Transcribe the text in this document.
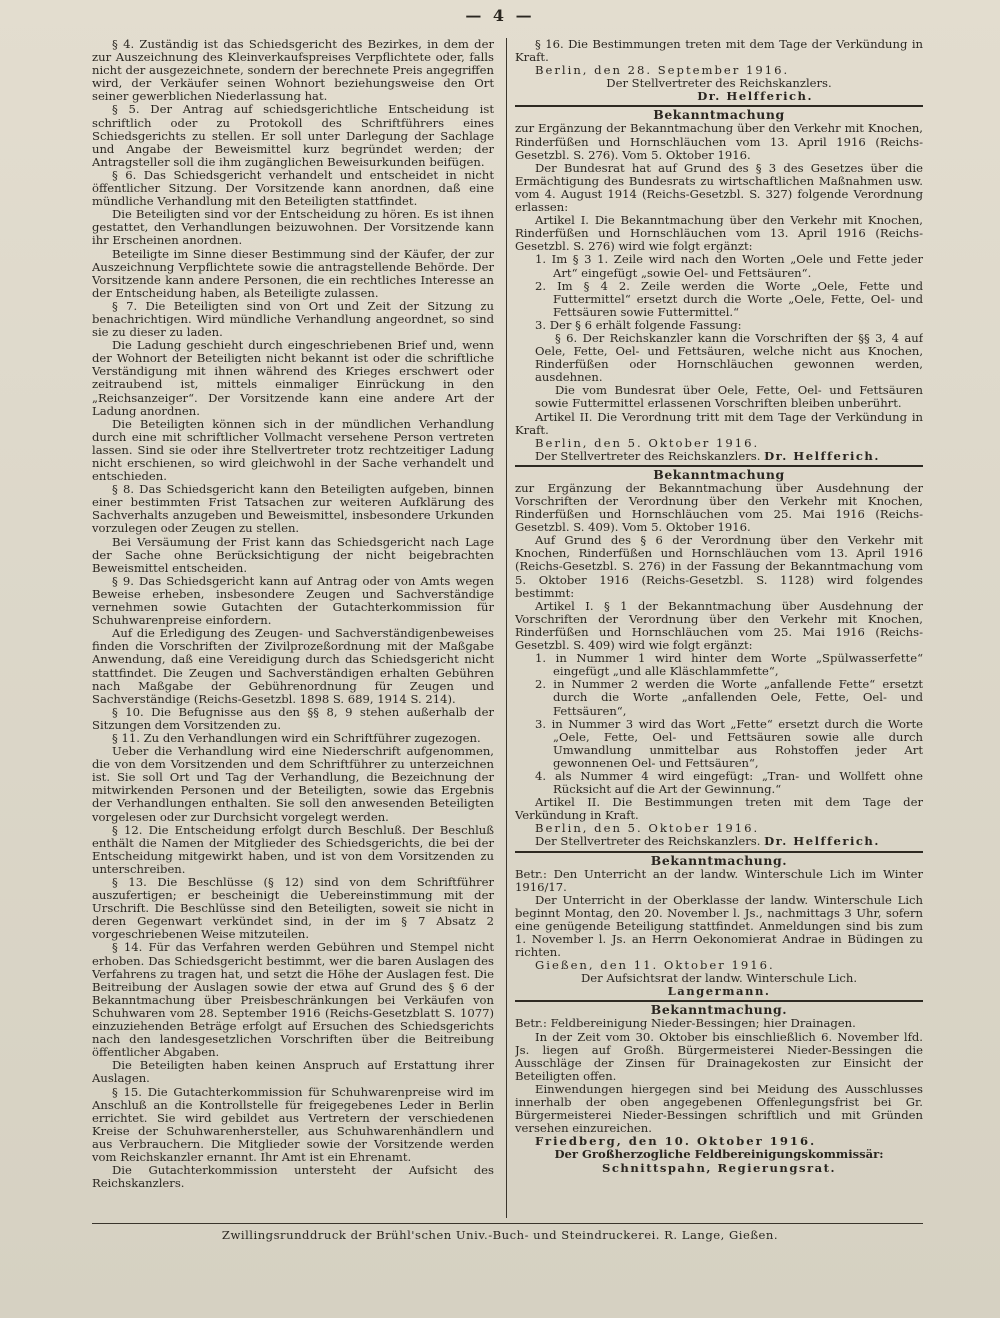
— 4 —

§ 4. Zuständig ist das Schiedsgericht des Bezirkes, in dem der zur Auszeichnung des Kleinverkaufspreises Verpflichtete oder, falls nicht der ausgezeichnete, sondern der berechnete Preis angegriffen wird, der Verkäufer seinen Wohnort beziehungsweise den Ort seiner gewerblichen Niederlassung hat.

§ 5. Der Antrag auf schiedsgerichtliche Entscheidung ist schriftlich oder zu Protokoll des Schriftführers eines Schiedsgerichts zu stellen. Er soll unter Darlegung der Sachlage und Angabe der Beweismittel kurz begründet werden; der Antragsteller soll die ihm zugänglichen Beweisurkunden beifügen.

§ 6. Das Schiedsgericht verhandelt und entscheidet in nicht öffentlicher Sitzung. Der Vorsitzende kann anordnen, daß eine mündliche Verhandlung mit den Beteiligten stattfindet.

Die Beteiligten sind vor der Entscheidung zu hören. Es ist ihnen gestattet, den Verhandlungen beizuwohnen. Der Vorsitzende kann ihr Erscheinen anordnen.

Beteiligte im Sinne dieser Bestimmung sind der Käufer, der zur Auszeichnung Verpflichtete sowie die antragstellende Behörde. Der Vorsitzende kann andere Personen, die ein rechtliches Interesse an der Entscheidung haben, als Beteiligte zulassen.

§ 7. Die Beteiligten sind von Ort und Zeit der Sitzung zu benachrichtigen. Wird mündliche Verhandlung angeordnet, so sind sie zu dieser zu laden.

Die Ladung geschieht durch eingeschriebenen Brief und, wenn der Wohnort der Beteiligten nicht bekannt ist oder die schriftliche Verständigung mit ihnen während des Krieges erschwert oder zeitraubend ist, mittels einmaliger Einrückung in den „Reichsanzeiger“. Der Vorsitzende kann eine andere Art der Ladung anordnen.

Die Beteiligten können sich in der mündlichen Verhandlung durch eine mit schriftlicher Vollmacht versehene Person vertreten lassen. Sind sie oder ihre Stellvertreter trotz rechtzeitiger Ladung nicht erschienen, so wird gleichwohl in der Sache verhandelt und entschieden.

§ 8. Das Schiedsgericht kann den Beteiligten aufgeben, binnen einer bestimmten Frist Tatsachen zur weiteren Aufklärung des Sachverhalts anzugeben und Beweismittel, insbesondere Urkunden vorzulegen oder Zeugen zu stellen.

Bei Versäumung der Frist kann das Schiedsgericht nach Lage der Sache ohne Berücksichtigung der nicht beigebrachten Beweismittel entscheiden.

§ 9. Das Schiedsgericht kann auf Antrag oder von Amts wegen Beweise erheben, insbesondere Zeugen und Sachverständige vernehmen sowie Gutachten der Gutachterkommission für Schuhwarenpreise einfordern.

Auf die Erledigung des Zeugen- und Sachverständigenbeweises finden die Vorschriften der Zivilprozeßordnung mit der Maßgabe Anwendung, daß eine Vereidigung durch das Schiedsgericht nicht stattfindet. Die Zeugen und Sachverständigen erhalten Gebühren nach Maßgabe der Gebührenordnung für Zeugen und Sachverständige (Reichs-Gesetzbl. 1898 S. 689, 1914 S. 214).

§ 10. Die Befugnisse aus den §§ 8, 9 stehen außerhalb der Sitzungen dem Vorsitzenden zu.

§ 11. Zu den Verhandlungen wird ein Schriftführer zugezogen.

Ueber die Verhandlung wird eine Niederschrift aufgenommen, die von dem Vorsitzenden und dem Schriftführer zu unterzeichnen ist. Sie soll Ort und Tag der Verhandlung, die Bezeichnung der mitwirkenden Personen und der Beteiligten, sowie das Ergebnis der Verhandlungen enthalten. Sie soll den anwesenden Beteiligten vorgelesen oder zur Durchsicht vorgelegt werden.

§ 12. Die Entscheidung erfolgt durch Beschluß. Der Beschluß enthält die Namen der Mitglieder des Schiedsgerichts, die bei der Entscheidung mitgewirkt haben, und ist von dem Vorsitzenden zu unterschreiben.

§ 13. Die Beschlüsse (§ 12) sind von dem Schriftführer auszufertigen; er bescheinigt die Uebereinstimmung mit der Urschrift. Die Beschlüsse sind den Beteiligten, soweit sie nicht in deren Gegenwart verkündet sind, in der im § 7 Absatz 2 vorgeschriebenen Weise mitzuteilen.

§ 14. Für das Verfahren werden Gebühren und Stempel nicht erhoben. Das Schiedsgericht bestimmt, wer die baren Auslagen des Verfahrens zu tragen hat, und setzt die Höhe der Auslagen fest. Die Beitreibung der Auslagen sowie der etwa auf Grund des § 6 der Bekanntmachung über Preisbeschränkungen bei Verkäufen von Schuhwaren vom 28. September 1916 (Reichs-Gesetzblatt S. 1077) einzuziehenden Beträge erfolgt auf Ersuchen des Schiedsgerichts nach den landesgesetzlichen Vorschriften über die Beitreibung öffentlicher Abgaben.

Die Beteiligten haben keinen Anspruch auf Erstattung ihrer Auslagen.

§ 15. Die Gutachterkommission für Schuhwarenpreise wird im Anschluß an die Kontrollstelle für freigegebenes Leder in Berlin errichtet. Sie wird gebildet aus Vertretern der verschiedenen Kreise der Schuhwarenhersteller, aus Schuhwarenhändlern und aus Verbrauchern. Die Mitglieder sowie der Vorsitzende werden vom Reichskanzler ernannt. Ihr Amt ist ein Ehrenamt.

Die Gutachterkommission untersteht der Aufsicht des Reichskanzlers.

§ 16. Die Bestimmungen treten mit dem Tage der Verkündung in Kraft.

Berlin, den 28. September 1916.

Der Stellvertreter des Reichskanzlers.

Dr. Helfferich.

Bekanntmachung

zur Ergänzung der Bekanntmachung über den Verkehr mit Knochen, Rinderfüßen und Hornschläuchen vom 13. April 1916 (Reichs-Gesetzbl. S. 276). Vom 5. Oktober 1916.

Der Bundesrat hat auf Grund des § 3 des Gesetzes über die Ermächtigung des Bundesrats zu wirtschaftlichen Maßnahmen usw. vom 4. August 1914 (Reichs-Gesetzbl. S. 327) folgende Verordnung erlassen:

Artikel I. Die Bekanntmachung über den Verkehr mit Knochen, Rinderfüßen und Hornschläuchen vom 13. April 1916 (Reichs-Gesetzbl. S. 276) wird wie folgt ergänzt:

1. Im § 3 1. Zeile wird nach den Worten „Oele und Fette jeder Art“ eingefügt „sowie Oel- und Fettsäuren“.

2. Im § 4 2. Zeile werden die Worte „Oele, Fette und Futtermittel“ ersetzt durch die Worte „Oele, Fette, Oel- und Fettsäuren sowie Futtermittel.“

3. Der § 6 erhält folgende Fassung:

§ 6. Der Reichskanzler kann die Vorschriften der §§ 3, 4 auf Oele, Fette, Oel- und Fettsäuren, welche nicht aus Knochen, Rinderfüßen oder Hornschläuchen gewonnen werden, ausdehnen.

Die vom Bundesrat über Oele, Fette, Oel- und Fettsäuren sowie Futtermittel erlassenen Vorschriften bleiben unberührt.

Artikel II. Die Verordnung tritt mit dem Tage der Verkündung in Kraft.

Berlin, den 5. Oktober 1916.

Der Stellvertreter des Reichskanzlers. Dr. Helfferich.

Bekanntmachung

zur Ergänzung der Bekanntmachung über Ausdehnung der Vorschriften der Verordnung über den Verkehr mit Knochen, Rinderfüßen und Hornschläuchen vom 25. Mai 1916 (Reichs-Gesetzbl. S. 409). Vom 5. Oktober 1916.

Auf Grund des § 6 der Verordnung über den Verkehr mit Knochen, Rinderfüßen und Hornschläuchen vom 13. April 1916 (Reichs-Gesetzbl. S. 276) in der Fassung der Bekanntmachung vom 5. Oktober 1916 (Reichs-Gesetzbl. S. 1128) wird folgendes bestimmt:

Artikel I. § 1 der Bekanntmachung über Ausdehnung der Vorschriften der Verordnung über den Verkehr mit Knochen, Rinderfüßen und Hornschläuchen vom 25. Mai 1916 (Reichs-Gesetzbl. S. 409) wird wie folgt ergänzt:

1. in Nummer 1 wird hinter dem Worte „Spülwasserfette“ eingefügt „und alle Kläschlammfette“,

2. in Nummer 2 werden die Worte „anfallende Fette“ ersetzt durch die Worte „anfallenden Oele, Fette, Oel- und Fettsäuren“,

3. in Nummer 3 wird das Wort „Fette“ ersetzt durch die Worte „Oele, Fette, Oel- und Fettsäuren sowie alle durch Umwandlung unmittelbar aus Rohstoffen jeder Art gewonnenen Oel- und Fettsäuren“,

4. als Nummer 4 wird eingefügt: „Tran- und Wollfett ohne Rücksicht auf die Art der Gewinnung.“

Artikel II. Die Bestimmungen treten mit dem Tage der Verkündung in Kraft.

Berlin, den 5. Oktober 1916.

Der Stellvertreter des Reichskanzlers. Dr. Helfferich.

Bekanntmachung.

Betr.: Den Unterricht an der landw. Winterschule Lich im Winter 1916/17.

Der Unterricht in der Oberklasse der landw. Winterschule Lich beginnt Montag, den 20. November l. Js., nachmittags 3 Uhr, sofern eine genügende Beteiligung stattfindet. Anmeldungen sind bis zum 1. November l. Js. an Herrn Oekonomierat Andrae in Büdingen zu richten.

Gießen, den 11. Oktober 1916.

Der Aufsichtsrat der landw. Winterschule Lich.

Langermann.

Bekanntmachung.

Betr.: Feldbereinigung Nieder-Bessingen; hier Drainagen.

In der Zeit vom 30. Oktober bis einschließlich 6. November lfd. Js. liegen auf Großh. Bürgermeisterei Nieder-Bessingen die Ausschläge der Zinsen für Drainagekosten zur Einsicht der Beteiligten offen.

Einwendungen hiergegen sind bei Meidung des Ausschlusses innerhalb der oben angegebenen Offenlegungsfrist bei Gr. Bürgermeisterei Nieder-Bessingen schriftlich und mit Gründen versehen einzureichen.

Friedberg, den 10. Oktober 1916.

Der Großherzogliche Feldbereinigungskommissär:

Schnittspahn, Regierungsrat.

Zwillingsrunddruck der Brühl'schen Univ.-Buch- und Steindruckerei. R. Lange, Gießen.
